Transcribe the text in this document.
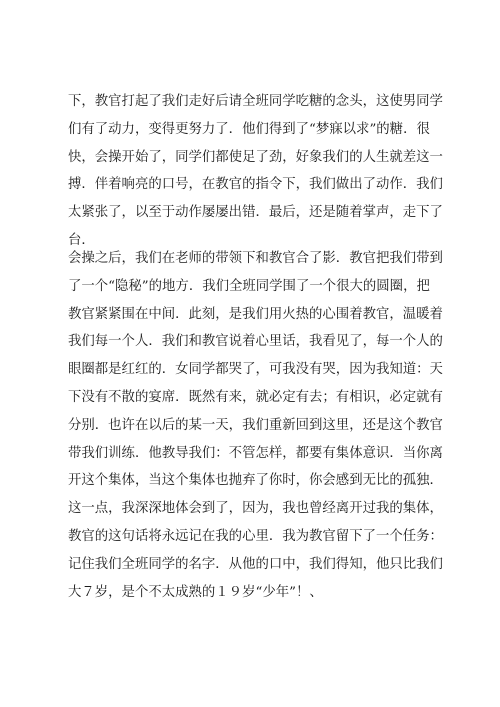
下，教官打起了我们走好后请全班同学吃糖的念头，这使男同学
们有了动力，变得更努力了．他们得到了“梦寐以求”的糖．很
快，会操开始了，同学们都使足了劲，好象我们的人生就差这一
搏．伴着响亮的口号，在教官的指令下，我们做出了动作．我们
太紧张了，以至于动作屡屡出错．最后，还是随着掌声，走下了
台．
会操之后，我们在老师的带领下和教官合了影．教官把我们带到
了一个“隐秘”的地方．我们全班同学围了一个很大的圆圈，把
教官紧紧围在中间．此刻，是我们用火热的心围着教官，温暖着
我们每一个人．我们和教官说着心里话，我看见了，每一个人的
眼圈都是红红的．女同学都哭了，可我没有哭，因为我知道：天
下没有不散的宴席．既然有来，就必定有去；有相识，必定就有
分别．也许在以后的某一天，我们重新回到这里，还是这个教官
带我们训练．他教导我们：不管怎样，都要有集体意识．当你离
开这个集体，当这个集体也抛弃了你时，你会感到无比的孤独．
这一点，我深深地体会到了，因为，我也曾经离开过我的集体，
教官的这句话将永远记在我的心里．我为教官留下了一个任务：
记住我们全班同学的名字．从他的口中，我们得知，他只比我们
大７岁，是个不太成熟的１９岁“少年”！、
